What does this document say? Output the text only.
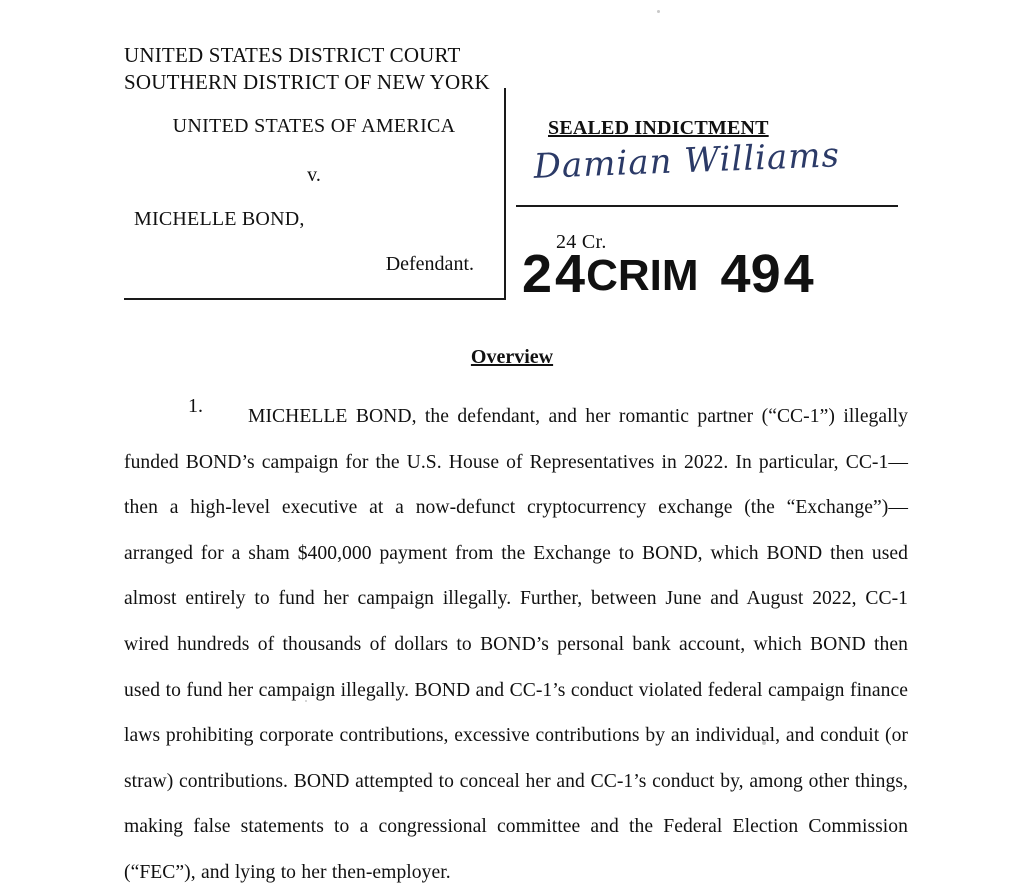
UNITED STATES DISTRICT COURT
SOUTHERN DISTRICT OF NEW YORK
UNITED STATES OF AMERICA
v.
MICHELLE BOND,
Defendant.
SEALED INDICTMENT
Damian Williams
24 Cr.
24CRIM 494
Overview
1.	MICHELLE BOND, the defendant, and her romantic partner (“CC-1”) illegally funded BOND’s campaign for the U.S. House of Representatives in 2022. In particular, CC-1—then a high-level executive at a now-defunct cryptocurrency exchange (the “Exchange”)—arranged for a sham $400,000 payment from the Exchange to BOND, which BOND then used almost entirely to fund her campaign illegally. Further, between June and August 2022, CC-1 wired hundreds of thousands of dollars to BOND’s personal bank account, which BOND then used to fund her campaign illegally. BOND and CC-1’s conduct violated federal campaign finance laws prohibiting corporate contributions, excessive contributions by an individual, and conduit (or straw) contributions. BOND attempted to conceal her and CC-1’s conduct by, among other things, making false statements to a congressional committee and the Federal Election Commission (“FEC”), and lying to her then-employer.
